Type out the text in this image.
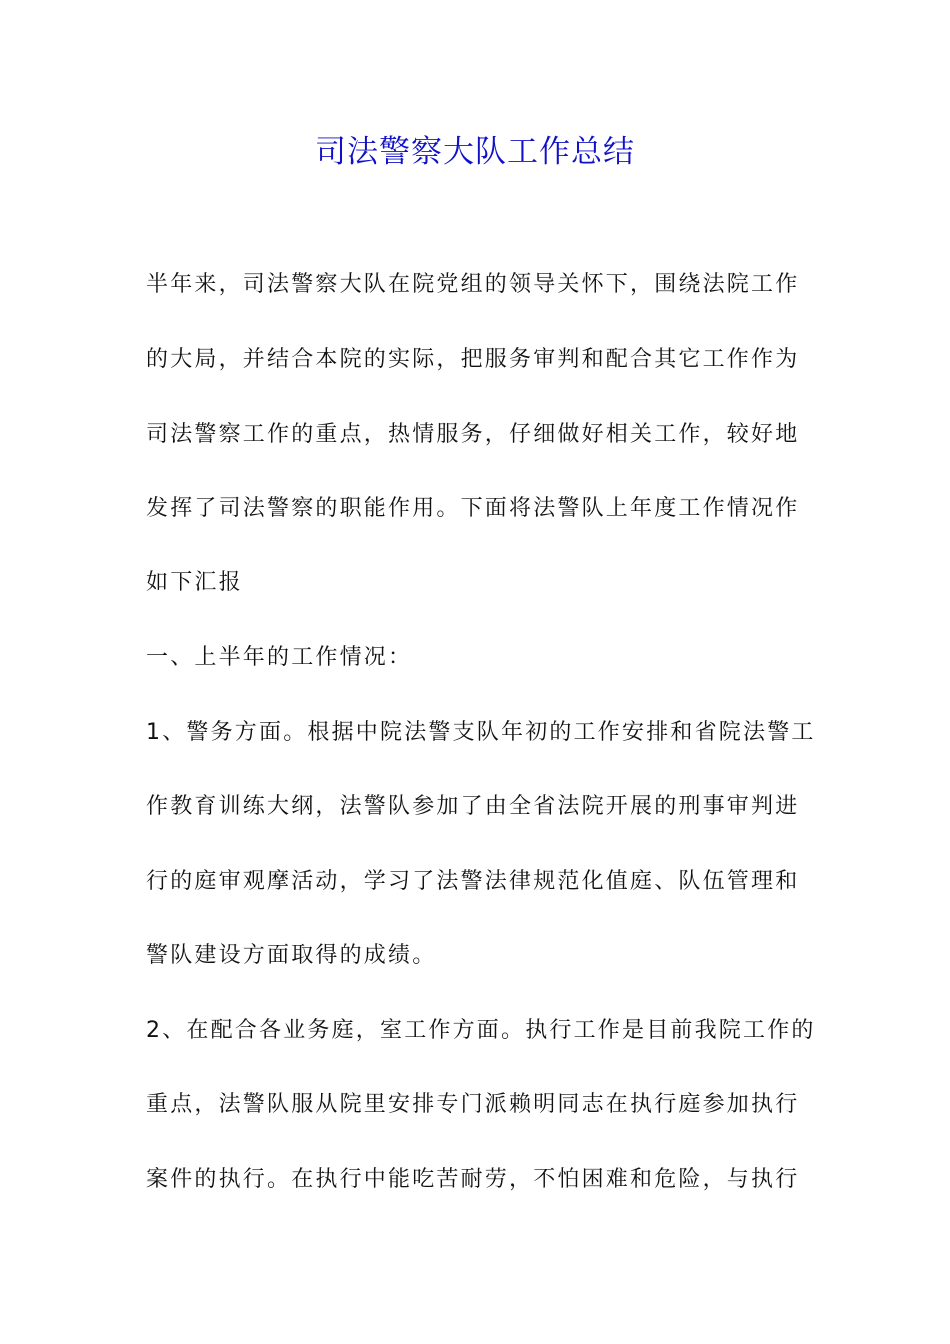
司法警察大队工作总结
半年来，司法警察大队在院党组的领导关怀下，围绕法院工作
的大局，并结合本院的实际，把服务审判和配合其它工作作为
司法警察工作的重点，热情服务，仔细做好相关工作，较好地
发挥了司法警察的职能作用。下面将法警队上年度工作情况作
如下汇报
一、上半年的工作情况：
1、警务方面。根据中院法警支队年初的工作安排和省院法警工
作教育训练大纲，法警队参加了由全省法院开展的刑事审判进
行的庭审观摩活动，学习了法警法律规范化值庭、队伍管理和
警队建设方面取得的成绩。
2、在配合各业务庭，室工作方面。执行工作是目前我院工作的
重点，法警队服从院里安排专门派赖明同志在执行庭参加执行
案件的执行。在执行中能吃苦耐劳，不怕困难和危险，与执行
